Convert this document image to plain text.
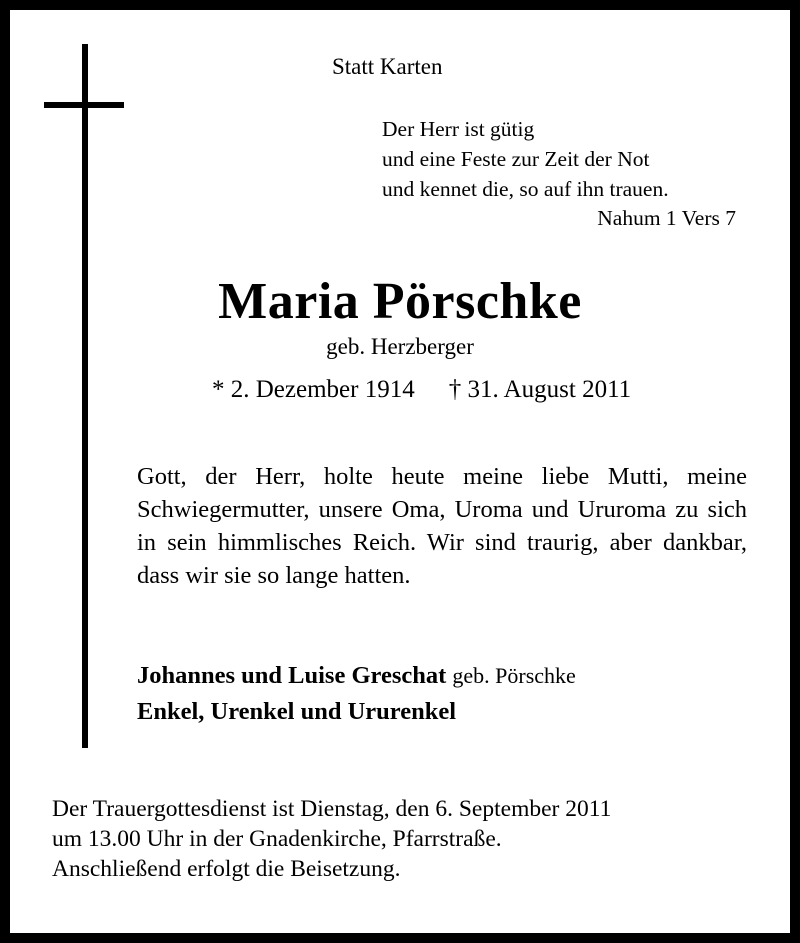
Statt Karten
Der Herr ist gütig
und eine Feste zur Zeit der Not
und kennet die, so auf ihn trauen.
Nahum 1 Vers 7
Maria Pörschke
geb. Herzberger
* 2. Dezember 1914 † 31. August 2011
Gott, der Herr, holte heute meine liebe Mutti, meine Schwiegermutter, unsere Oma, Uroma und Ururoma zu sich in sein himmlisches Reich. Wir sind traurig, aber dankbar, dass wir sie so lange hatten.
Johannes und Luise Greschat geb. Pörschke
Enkel, Urenkel und Ururenkel
Der Trauergottesdienst ist Dienstag, den 6. September 2011
um 13.00 Uhr in der Gnadenkirche, Pfarrstraße.
Anschließend erfolgt die Beisetzung.
